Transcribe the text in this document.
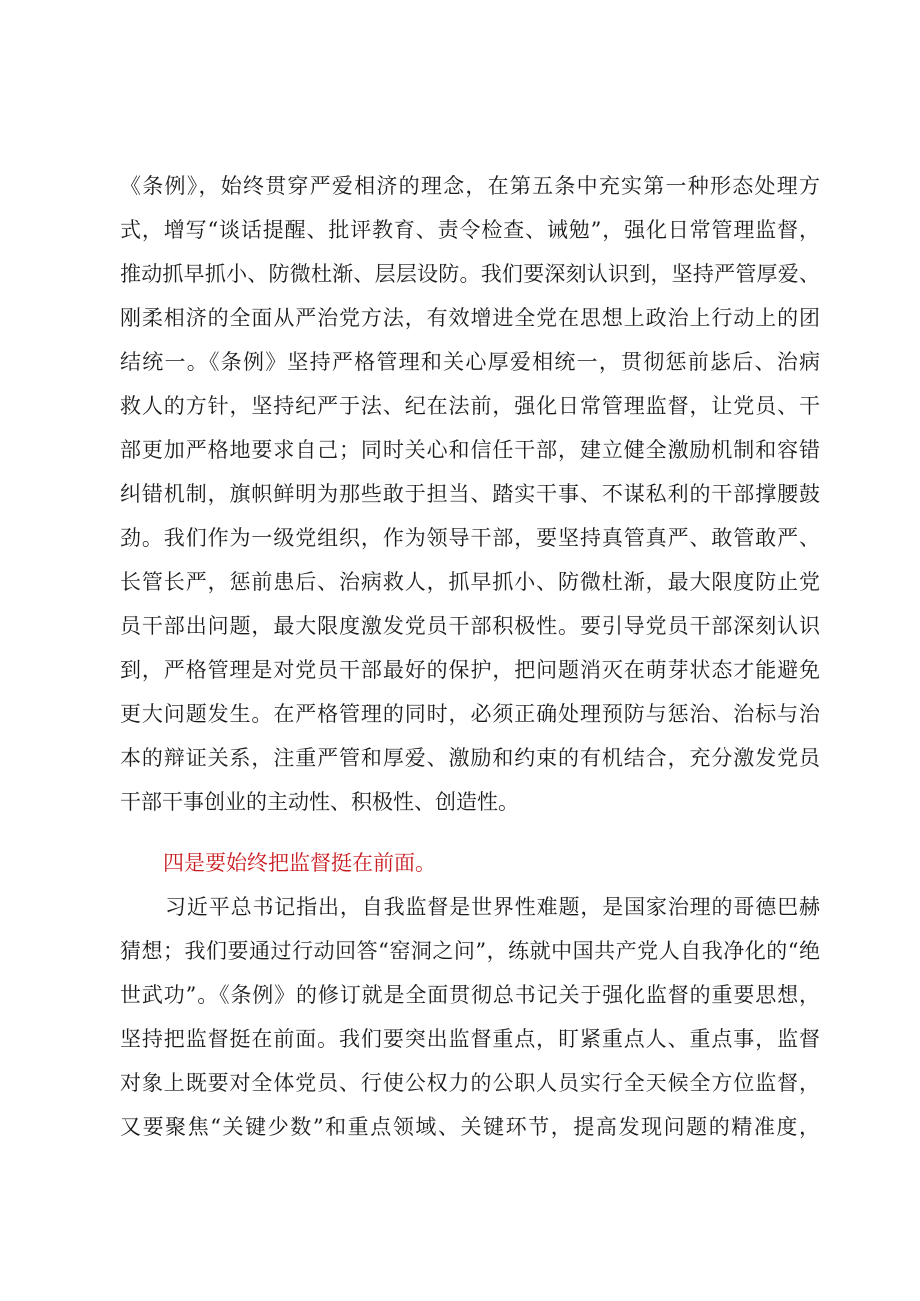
《条例》，始终贯穿严爱相济的理念，在第五条中充实第一种形态处理方
式，增写“谈话提醒、批评教育、责令检查、诫勉”，强化日常管理监督，
推动抓早抓小、防微杜渐、层层设防。我们要深刻认识到，坚持严管厚爱、
刚柔相济的全面从严治党方法，有效增进全党在思想上政治上行动上的团
结统一。《条例》坚持严格管理和关心厚爱相统一，贯彻惩前毖后、治病
救人的方针，坚持纪严于法、纪在法前，强化日常管理监督，让党员、干
部更加严格地要求自己；同时关心和信任干部，建立健全激励机制和容错
纠错机制，旗帜鲜明为那些敢于担当、踏实干事、不谋私利的干部撑腰鼓
劲。我们作为一级党组织，作为领导干部，要坚持真管真严、敢管敢严、
长管长严，惩前患后、治病救人，抓早抓小、防微杜渐，最大限度防止党
员干部出问题，最大限度激发党员干部积极性。要引导党员干部深刻认识
到，严格管理是对党员干部最好的保护，把问题消灭在萌芽状态才能避免
更大问题发生。在严格管理的同时，必须正确处理预防与惩治、治标与治
本的辩证关系，注重严管和厚爱、激励和约束的有机结合，充分激发党员
干部干事创业的主动性、积极性、创造性。
四是要始终把监督挺在前面。
习近平总书记指出，自我监督是世界性难题，是国家治理的哥德巴赫
猜想；我们要通过行动回答“窑洞之问”，练就中国共产党人自我净化的“绝
世武功”。《条例》的修订就是全面贯彻总书记关于强化监督的重要思想，
坚持把监督挺在前面。我们要突出监督重点，盯紧重点人、重点事，监督
对象上既要对全体党员、行使公权力的公职人员实行全天候全方位监督，
又要聚焦“关键少数”和重点领域、关键环节，提高发现问题的精准度，
